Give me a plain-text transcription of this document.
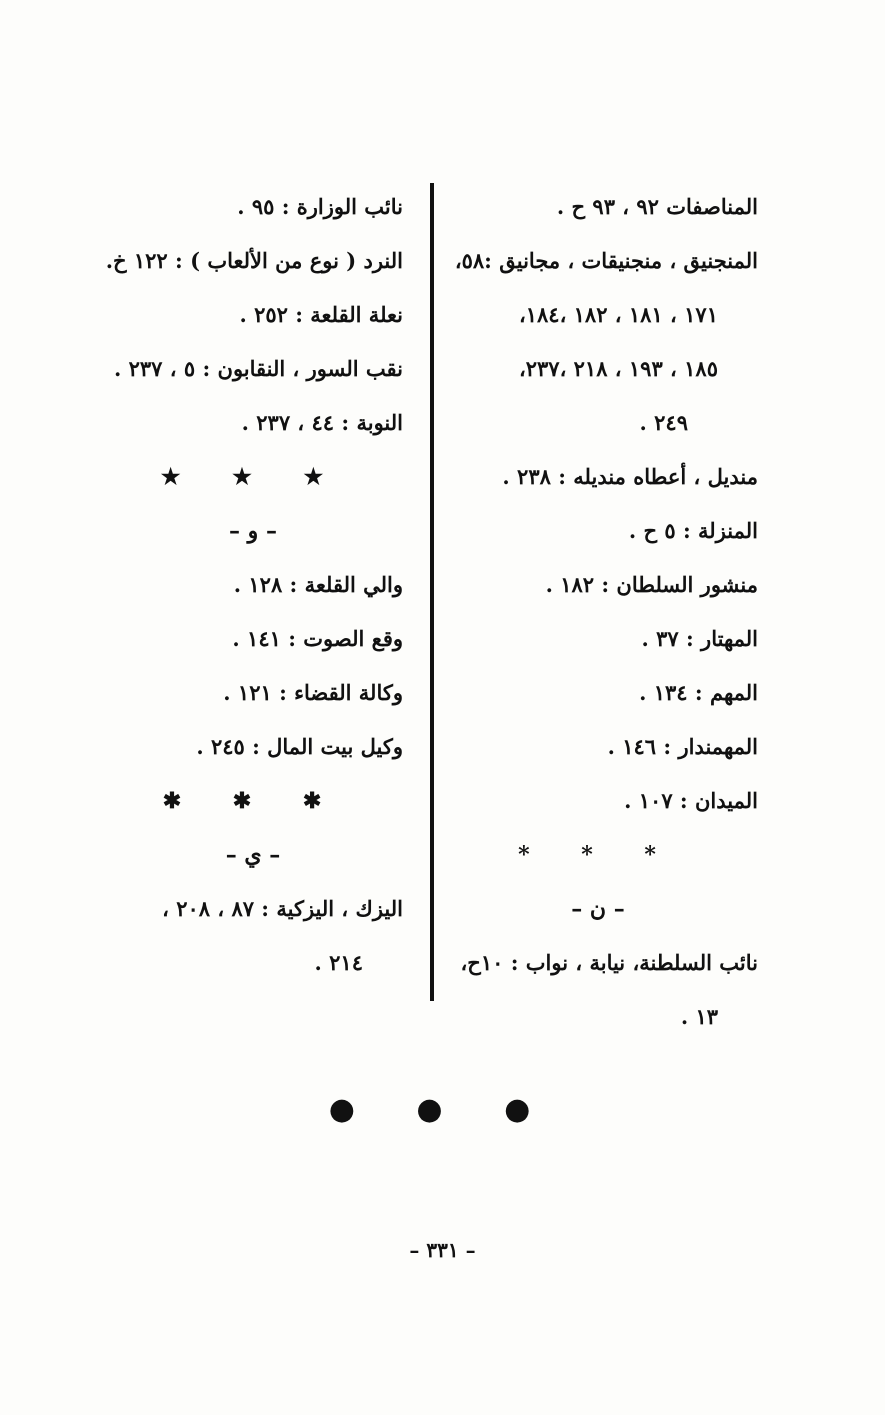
المناصفات ٩٢ ، ٩٣ ح .
المنجنيق ، منجنيقات ، مجانيق :٥٨،
١٧١ ، ١٨١ ، ١٨٢ ،١٨٤،
١٨٥ ، ١٩٣ ، ٢١٨ ،٢٣٧،
٢٤٩ .
منديل ، أعطاه منديله : ٢٣٨ .
المنزلة : ٥ ح .
منشور السلطان : ١٨٢ .
المهتار : ٣٧ .
المهم : ١٣٤ .
المهمندار : ١٤٦ .
الميدان : ١٠٧ .
* * *
– ن –
نائب السلطنة، نيابة ، نواب : ١٠ح،
١٣ .
نائب الوزارة : ٩٥ .
النرد ( نوع من الألعاب ) : ١٢٢ خ.
نعلة القلعة : ٢٥٢ .
نقب السور ، النقابون : ٥ ، ٢٣٧ .
النوبة : ٤٤ ، ٢٣٧ .
★ ★ ★
– و –
والي القلعة : ١٢٨ .
وقع الصوت : ١٤١ .
وكالة القضاء : ١٢١ .
وكيل بيت المال : ٢٤٥ .
✱ ✱ ✱
– ي –
اليزك ، اليزكية : ٨٧ ، ٢٠٨ ،
٢١٤ .
● ● ●
– ٣٣١ –
